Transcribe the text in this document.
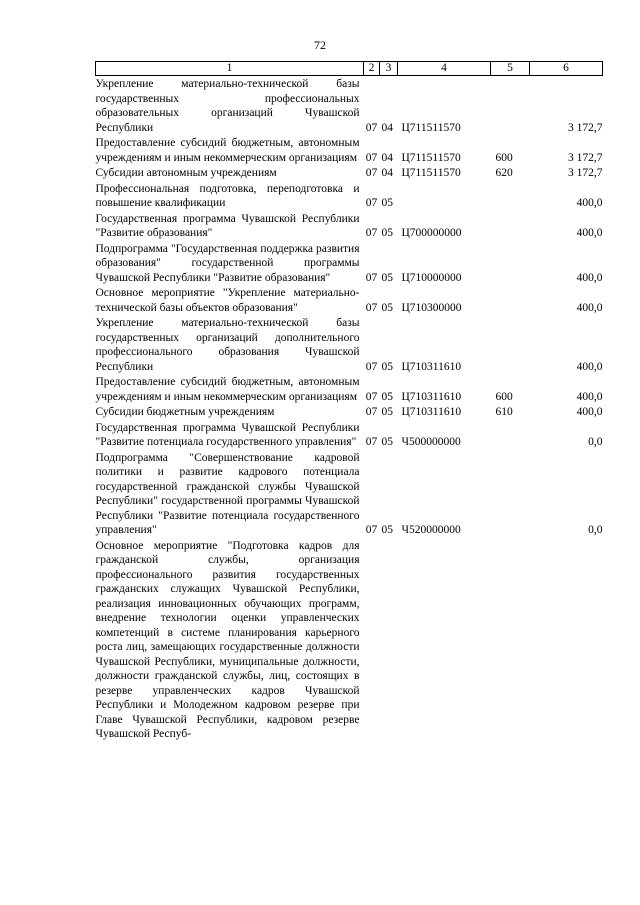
72
1	2	3	4	5	6
Укрепление материально-технической базы государственных профессиональных образовательных организаций Чувашской Республики	07	04	Ц711511570		3 172,7
Предоставление субсидий бюджетным, автономным учреждениям и иным некоммерческим организациям	07	04	Ц711511570	600	3 172,7
Субсидии автономным учреждениям	07	04	Ц711511570	620	3 172,7
Профессиональная подготовка, переподготовка и повышение квалификации	07	05			400,0
Государственная программа Чувашской Республики "Развитие образования"	07	05	Ц700000000		400,0
Подпрограмма "Государственная поддержка развития образования" государственной программы Чувашской Республики "Развитие образования"	07	05	Ц710000000		400,0
Основное мероприятие "Укрепление материально-технической базы объектов образования"	07	05	Ц710300000		400,0
Укрепление материально-технической базы государственных организаций дополнительного профессионального образования Чувашской Республики	07	05	Ц710311610		400,0
Предоставление субсидий бюджетным, автономным учреждениям и иным некоммерческим организациям	07	05	Ц710311610	600	400,0
Субсидии бюджетным учреждениям	07	05	Ц710311610	610	400,0
Государственная программа Чувашской Республики "Развитие потенциала государственного управления"	07	05	Ч500000000		0,0
Подпрограмма "Совершенствование кадровой политики и развитие кадрового потенциала государственной гражданской службы Чувашской Республики" государственной программы Чувашской Республики "Развитие потенциала государственного управления"	07	05	Ч520000000		0,0
Основное мероприятие "Подготовка кадров для гражданской службы, организация профессионального развития государственных гражданских служащих Чувашской Республики, реализация инновационных обучающих программ, внедрение технологии оценки управленческих компетенций в системе планирования карьерного роста лиц, замещающих государственные должности Чувашской Республики, муниципальные должности, должности гражданской службы, лиц, состоящих в резерве управленческих кадров Чувашской Республики и Молодежном кадровом резерве при Главе Чувашской Республики, кадровом резерве Чувашской Респуб-					
